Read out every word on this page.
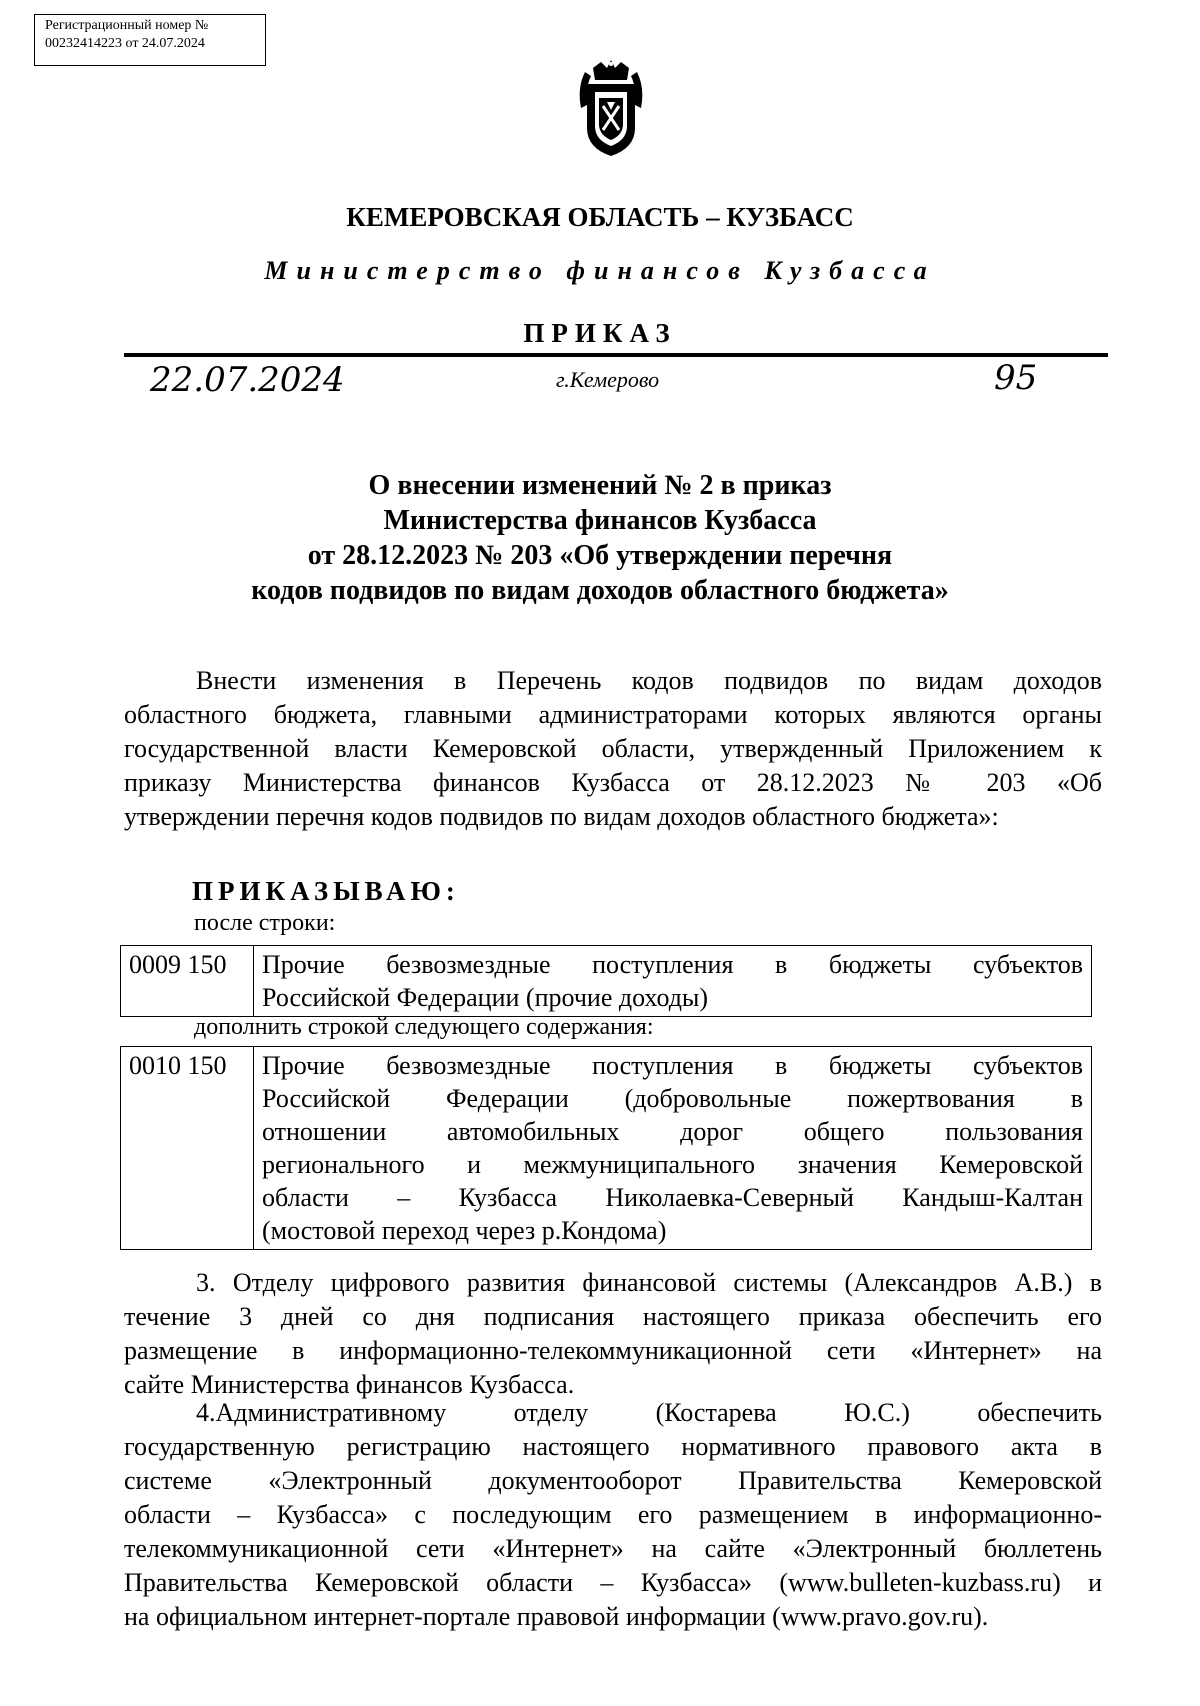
Регистрационный номер №
00232414223 от 24.07.2024
КЕМЕРОВСКАЯ ОБЛАСТЬ – КУЗБАСС
Министерство финансов Кузбасса
ПРИКАЗ
22.07.2024	г.Кемерово	95
О внесении изменений № 2 в приказ
Министерства финансов Кузбасса
от 28.12.2023 № 203 «Об утверждении перечня
кодов подвидов по видам доходов областного бюджета»
Внести изменения в Перечень кодов подвидов по видам доходов
областного бюджета, главными администраторами которых являются органы
государственной власти Кемеровской области, утвержденный Приложением к
приказу Министерства финансов Кузбасса от 28.12.2023 № 203 «Об
утверждении перечня кодов подвидов по видам доходов областного бюджета»:
ПРИКАЗЫВАЮ:
после строки:
0009 150	Прочие безвозмездные поступления в бюджеты субъектов
Российской Федерации (прочие доходы)
дополнить строкой следующего содержания:
0010 150	Прочие безвозмездные поступления в бюджеты субъектов
Российской Федерации (добровольные пожертвования в
отношении автомобильных дорог общего пользования
регионального и межмуниципального значения Кемеровской
области – Кузбасса Николаевка-Северный Кандыш-Калтан
(мостовой переход через р.Кондома)
3. Отделу цифрового развития финансовой системы (Александров А.В.) в
течение 3 дней со дня подписания настоящего приказа обеспечить его
размещение в информационно-телекоммуникационной сети «Интернет» на
сайте Министерства финансов Кузбасса.
4.Административному отделу (Костарева Ю.С.) обеспечить
государственную регистрацию настоящего нормативного правового акта в
системе «Электронный документооборот Правительства Кемеровской
области – Кузбасса» с последующим его размещением в информационно-
телекоммуникационной сети «Интернет» на сайте «Электронный бюллетень
Правительства Кемеровской области – Кузбасса» (www.bulleten-kuzbass.ru) и
на официальном интернет-портале правовой информации (www.pravo.gov.ru).
